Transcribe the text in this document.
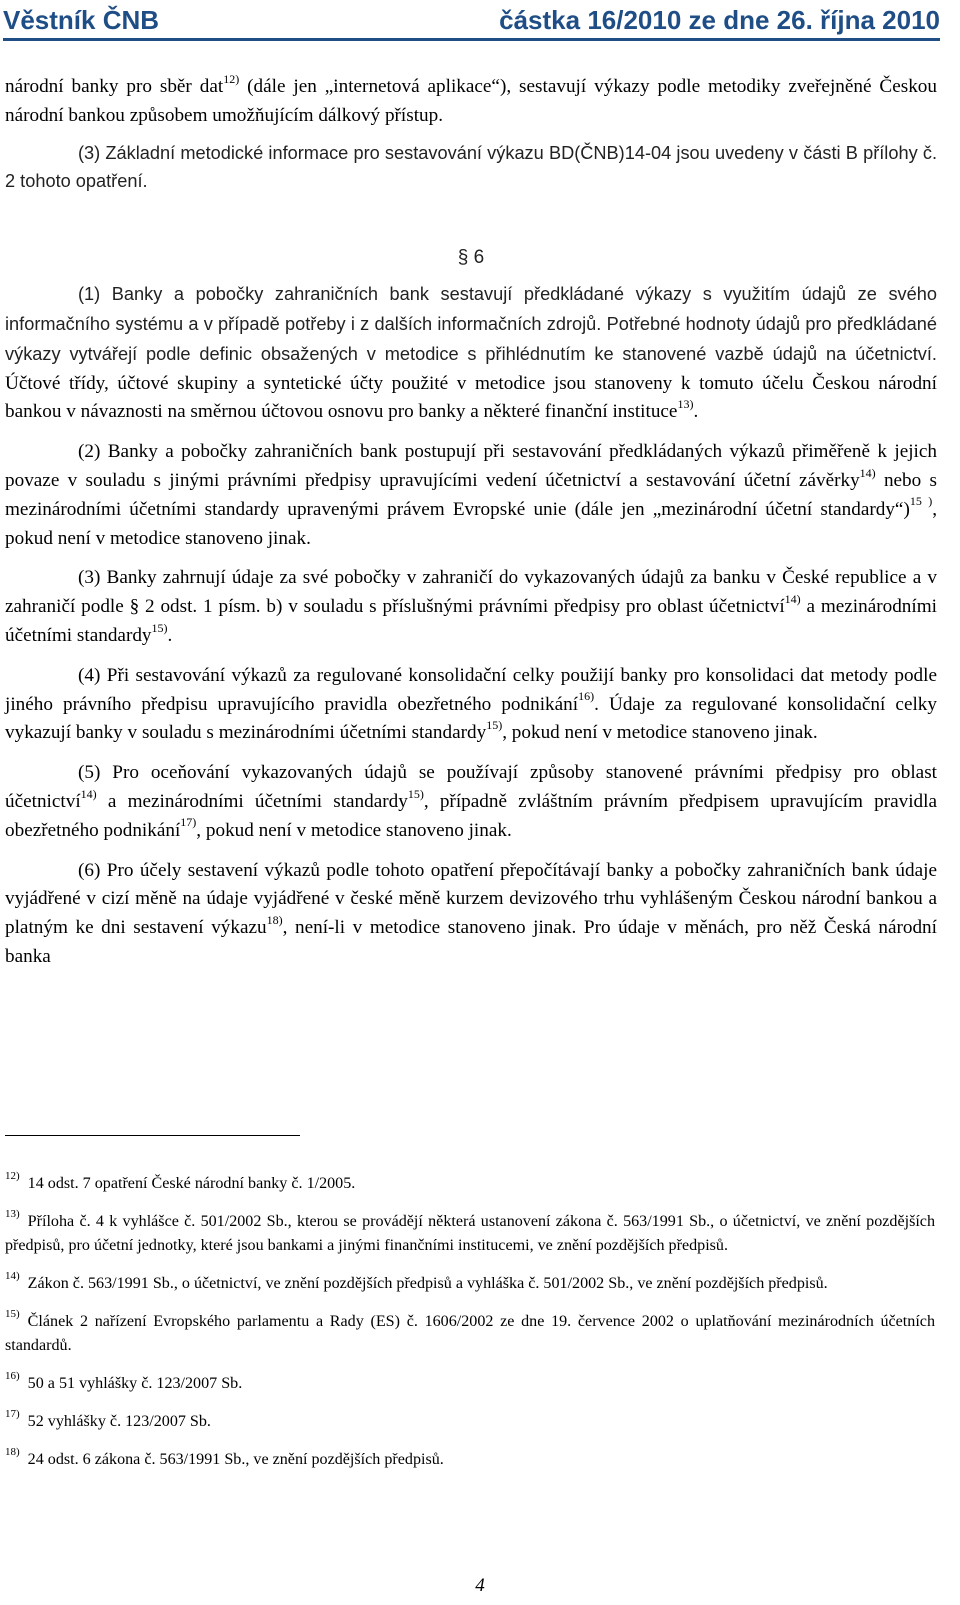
Věstník ČNB	částka 16/2010 ze dne 26. října 2010

národní banky pro sběr dat$^{12)}$ (dále jen „internetová aplikace“), sestavují výkazy podle metodiky zveřejněné Českou národní bankou způsobem umožňujícím dálkový přístup.

(3) Základní metodické informace pro sestavování výkazu BD(ČNB)14-04 jsou uvedeny v části B přílohy č. 2 tohoto opatření.

§ 6

(1) Banky a pobočky zahraničních bank sestavují předkládané výkazy s využitím údajů ze svého informačního systému a v případě potřeby i z dalších informačních zdrojů. Potřebné hodnoty údajů pro předkládané výkazy vytvářejí podle definic obsažených v metodice s přihlédnutím ke stanovené vazbě údajů na účetnictví. Účtové třídy, účtové skupiny a syntetické účty použité v metodice jsou stanoveny k tomuto účelu Českou národní bankou v návaznosti na směrnou účtovou osnovu pro banky a některé finanční instituce$^{13)}$.

(2) Banky a pobočky zahraničních bank postupují při sestavování předkládaných výkazů přiměřeně k jejich povaze v souladu s jinými právními předpisy upravujícími vedení účetnictví a sestavování účetní závěrky$^{14)}$ nebo s mezinárodními účetními standardy upravenými právem Evropské unie (dále jen „mezinárodní účetní standardy“)$^{15 )}$, pokud není v metodice stanoveno jinak.

(3) Banky zahrnují údaje za své pobočky v zahraničí do vykazovaných údajů za banku v České republice a v zahraničí podle § 2 odst. 1 písm. b) v souladu s příslušnými právními předpisy pro oblast účetnictví$^{14)}$ a mezinárodními účetními standardy$^{15)}$.

(4) Při sestavování výkazů za regulované konsolidační celky použijí banky pro konsolidaci dat metody podle jiného právního předpisu upravujícího pravidla obezřetného podnikání$^{16)}$. Údaje za regulované konsolidační celky vykazují banky v souladu s mezinárodními účetními standardy$^{15)}$, pokud není v metodice stanoveno jinak.

(5) Pro oceňování vykazovaných údajů se používají způsoby stanovené právními předpisy pro oblast účetnictví$^{14)}$ a mezinárodními účetními standardy$^{15)}$, případně zvláštním právním předpisem upravujícím pravidla obezřetného podnikání$^{17)}$, pokud není v metodice stanoveno jinak.

(6) Pro účely sestavení výkazů podle tohoto opatření přepočítávají banky a pobočky zahraničních bank údaje vyjádřené v cizí měně na údaje vyjádřené v české měně kurzem devizového trhu vyhlášeným Českou národní bankou a platným ke dni sestavení výkazu$^{18)}$, není-li v metodice stanoveno jinak. Pro údaje v měnách, pro něž Česká národní banka

$^{12)}$ 14 odst. 7 opatření České národní banky č. 1/2005.

$^{13)}$ Příloha č. 4 k vyhlášce č. 501/2002 Sb., kterou se provádějí některá ustanovení zákona č. 563/1991 Sb., o účetnictví, ve znění pozdějších předpisů, pro účetní jednotky, které jsou bankami a jinými finančními institucemi, ve znění pozdějších předpisů.

$^{14)}$ Zákon č. 563/1991 Sb., o účetnictví, ve znění pozdějších předpisů a vyhláška č. 501/2002 Sb., ve znění pozdějších předpisů.

$^{15)}$ Článek 2 nařízení Evropského parlamentu a Rady (ES) č. 1606/2002 ze dne 19. července 2002 o uplatňování mezinárodních účetních standardů.

$^{16)}$ 50 a 51 vyhlášky č. 123/2007 Sb.

$^{17)}$ 52 vyhlášky č. 123/2007 Sb.

$^{18)}$ 24 odst. 6 zákona č. 563/1991 Sb., ve znění pozdějších předpisů.

4
